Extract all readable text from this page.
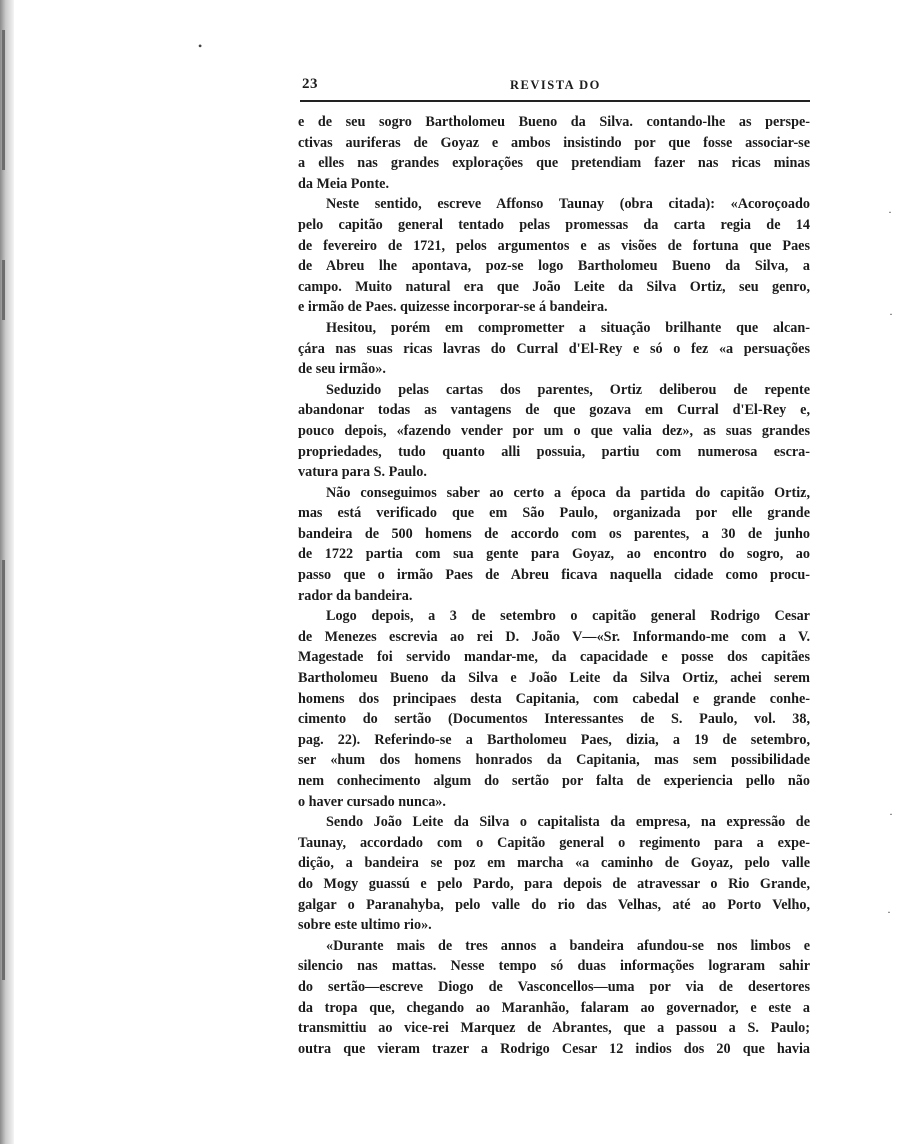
•
·
·
·
·
23	REVISTA DO
e de seu sogro Bartholomeu Bueno da Silva. contando-lhe as perspe-
ctivas auriferas de Goyaz e ambos insistindo por que fosse associar-se
a elles nas grandes explorações que pretendiam fazer nas ricas minas
da Meia Ponte.
Neste sentido, escreve Affonso Taunay (obra citada): «Acoroçoado
pelo capitão general tentado pelas promessas da carta regia de 14
de fevereiro de 1721, pelos argumentos e as visões de fortuna que Paes
de Abreu lhe apontava, poz-se logo Bartholomeu Bueno da Silva, a
campo. Muito natural era que João Leite da Silva Ortiz, seu genro,
e irmão de Paes. quizesse incorporar-se á bandeira.
Hesitou, porém em comprometter a situação brilhante que alcan-
çára nas suas ricas lavras do Curral d'El-Rey e só o fez «a persuações
de seu irmão».
Seduzido pelas cartas dos parentes, Ortiz deliberou de repente
abandonar todas as vantagens de que gozava em Curral d'El-Rey e,
pouco depois, «fazendo vender por um o que valia dez», as suas grandes
propriedades, tudo quanto alli possuia, partiu com numerosa escra-
vatura para S. Paulo.
Não conseguimos saber ao certo a época da partida do capitão Ortiz,
mas está verificado que em São Paulo, organizada por elle grande
bandeira de 500 homens de accordo com os parentes, a 30 de junho
de 1722 partia com sua gente para Goyaz, ao encontro do sogro, ao
passo que o irmão Paes de Abreu ficava naquella cidade como procu-
rador da bandeira.
Logo depois, a 3 de setembro o capitão general Rodrigo Cesar
de Menezes escrevia ao rei D. João V—«Sr. Informando-me com a V.
Magestade foi servido mandar-me, da capacidade e posse dos capitães
Bartholomeu Bueno da Silva e João Leite da Silva Ortiz, achei serem
homens dos principaes desta Capitania, com cabedal e grande conhe-
cimento do sertão (Documentos Interessantes de S. Paulo, vol. 38,
pag. 22). Referindo-se a Bartholomeu Paes, dizia, a 19 de setembro,
ser «hum dos homens honrados da Capitania, mas sem possibilidade
nem conhecimento algum do sertão por falta de experiencia pello não
o haver cursado nunca».
Sendo João Leite da Silva o capitalista da empresa, na expressão de
Taunay, accordado com o Capitão general o regimento para a expe-
dição, a bandeira se poz em marcha «a caminho de Goyaz, pelo valle
do Mogy guassú e pelo Pardo, para depois de atravessar o Rio Grande,
galgar o Paranahyba, pelo valle do rio das Velhas, até ao Porto Velho,
sobre este ultimo rio».
«Durante mais de tres annos a bandeira afundou-se nos limbos e
silencio nas mattas. Nesse tempo só duas informações lograram sahir
do sertão—escreve Diogo de Vasconcellos—uma por via de desertores
da tropa que, chegando ao Maranhão, falaram ao governador, e este a
transmittiu ao vice-rei Marquez de Abrantes, que a passou a S. Paulo;
outra que vieram trazer a Rodrigo Cesar 12 indios dos 20 que havia
